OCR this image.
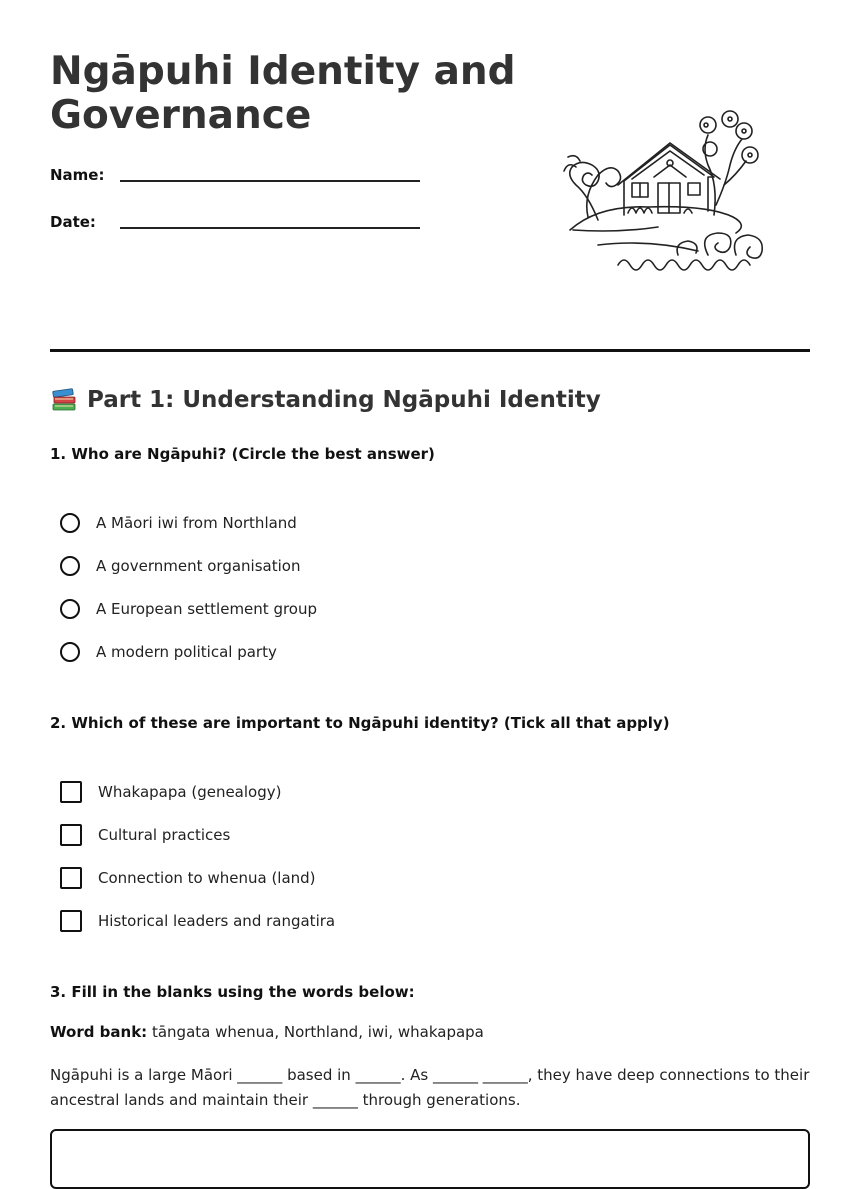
Ngāpuhi Identity and Governance
Name:
Date:
Part 1: Understanding Ngāpuhi Identity
1. Who are Ngāpuhi? (Circle the best answer)
A Māori iwi from Northland
A government organisation
A European settlement group
A modern political party
2. Which of these are important to Ngāpuhi identity? (Tick all that apply)
Whakapapa (genealogy)
Cultural practices
Connection to whenua (land)
Historical leaders and rangatira
3. Fill in the blanks using the words below:
Word bank: tāngata whenua, Northland, iwi, whakapapa
Ngāpuhi is a large Māori ______ based in ______. As ______ ______, they have deep connections to their ancestral lands and maintain their ______ through generations.
